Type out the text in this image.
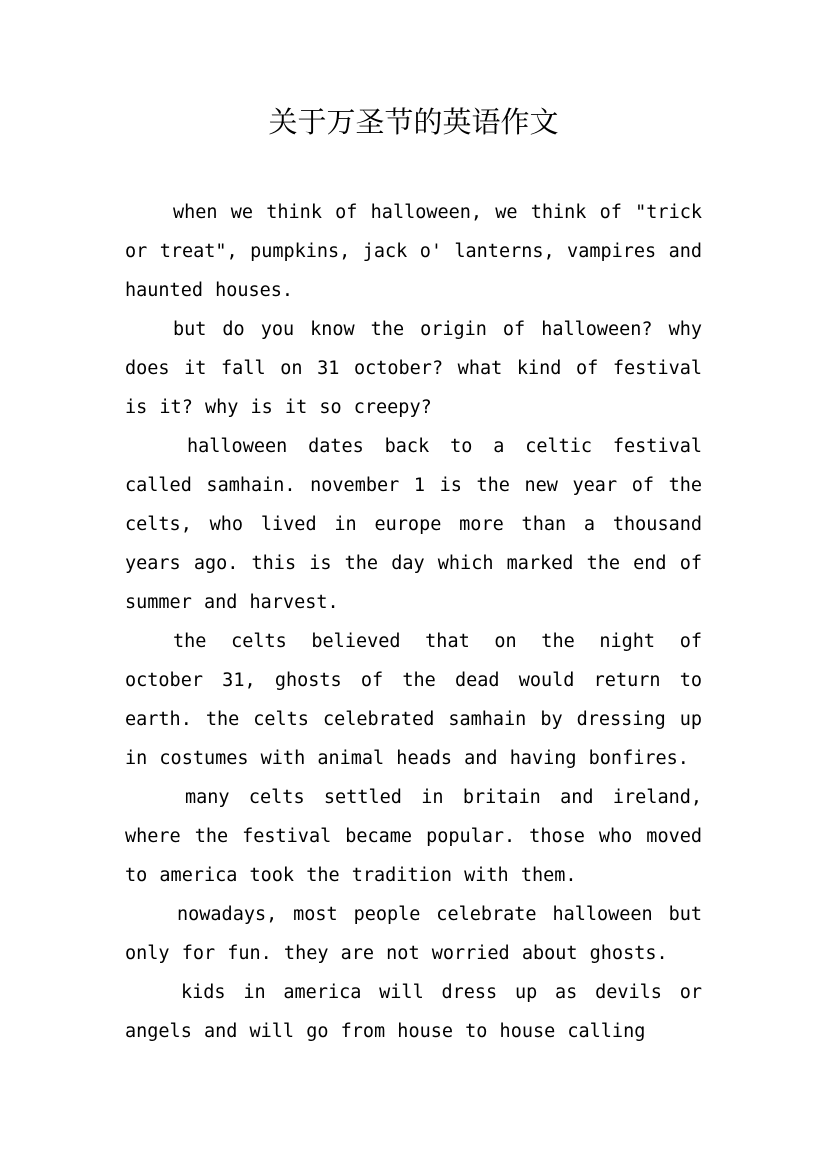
关于万圣节的英语作文

when we think of halloween, we think of "trick or treat", pumpkins, jack o' lanterns, vampires and haunted houses.

but do you know the origin of halloween? why does it fall on 31 october? what kind of festival is it? why is it so creepy?

halloween dates back to a celtic festival called samhain. november 1 is the new year of the celts, who lived in europe more than a thousand years ago. this is the day which marked the end of summer and harvest.

the celts believed that on the night of october 31, ghosts of the dead would return to earth. the celts celebrated samhain by dressing up in costumes with animal heads and having bonfires.

many celts settled in britain and ireland, where the festival became popular. those who moved to america took the tradition with them.

nowadays, most people celebrate halloween but only for fun. they are not worried about ghosts.

kids in america will dress up as devils or angels and will go from house to house calling
